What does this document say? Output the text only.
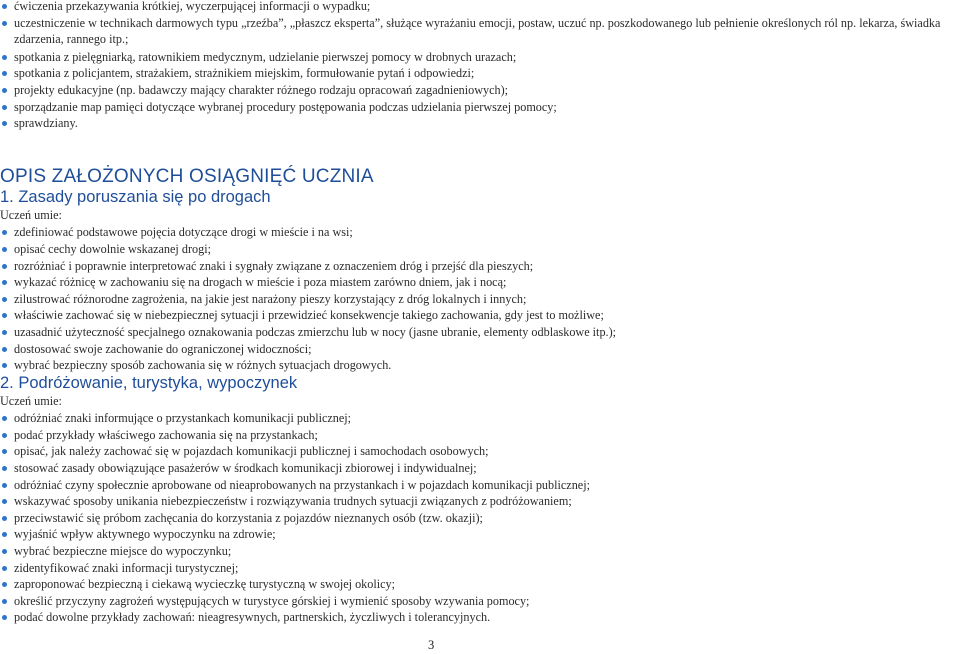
ćwiczenia przekazywania krótkiej, wyczerpującej informacji o wypadku;
uczestniczenie w technikach darmowych typu „rzeźba”, „płaszcz eksperta”, służące wyrażaniu emocji, postaw, uczuć np. poszkodowanego lub pełnienie określonych ról np. lekarza, świadka
zdarzenia, rannego itp.;
spotkania z pielęgniarką, ratownikiem medycznym, udzielanie pierwszej pomocy w drobnych urazach;
spotkania z policjantem, strażakiem, strażnikiem miejskim, formułowanie pytań i odpowiedzi;
projekty edukacyjne (np. badawczy mający charakter różnego rodzaju opracowań zagadnieniowych);
sporządzanie map pamięci dotyczące wybranej procedury postępowania podczas udzielania pierwszej pomocy;
sprawdziany.
OPIS ZAŁOŻONYCH OSIĄGNIĘĆ UCZNIA
1. Zasady poruszania się po drogach

Uczeń umie:

zdefiniować podstawowe pojęcia dotyczące drogi w mieście i na wsi;
opisać cechy dowolnie wskazanej drogi;
rozróżniać i poprawnie interpretować znaki i sygnały związane z oznaczeniem dróg i przejść dla pieszych;
wykazać różnicę w zachowaniu się na drogach w mieście i poza miastem zarówno dniem, jak i nocą;
zilustrować różnorodne zagrożenia, na jakie jest narażony pieszy korzystający z dróg lokalnych i innych;
właściwie zachować się w niebezpiecznej sytuacji i przewidzieć konsekwencje takiego zachowania, gdy jest to możliwe;
uzasadnić użyteczność specjalnego oznakowania podczas zmierzchu lub w nocy (jasne ubranie, elementy odblaskowe itp.);
dostosować swoje zachowanie do ograniczonej widoczności;
wybrać bezpieczny sposób zachowania się w różnych sytuacjach drogowych.
2. Podróżowanie, turystyka, wypoczynek

Uczeń umie:

odróżniać znaki informujące o przystankach komunikacji publicznej;
podać przykłady właściwego zachowania się na przystankach;
opisać, jak należy zachować się w pojazdach komunikacji publicznej i samochodach osobowych;
stosować zasady obowiązujące pasażerów w środkach komunikacji zbiorowej i indywidualnej;
odróżniać czyny społecznie aprobowane od nieaprobowanych na przystankach i w pojazdach komunikacji publicznej;
wskazywać sposoby unikania niebezpieczeństw i rozwiązywania trudnych sytuacji związanych z podróżowaniem;
przeciwstawić się próbom zachęcania do korzystania z pojazdów nieznanych osób (tzw. okazji);
wyjaśnić wpływ aktywnego wypoczynku na zdrowie;
wybrać bezpieczne miejsce do wypoczynku;
zidentyfikować znaki informacji turystycznej;
zaproponować bezpieczną i ciekawą wycieczkę turystyczną w swojej okolicy;
określić przyczyny zagrożeń występujących w turystyce górskiej i wymienić sposoby wzywania pomocy;
podać dowolne przykłady zachowań: nieagresywnych, partnerskich, życzliwych i tolerancyjnych.
3
